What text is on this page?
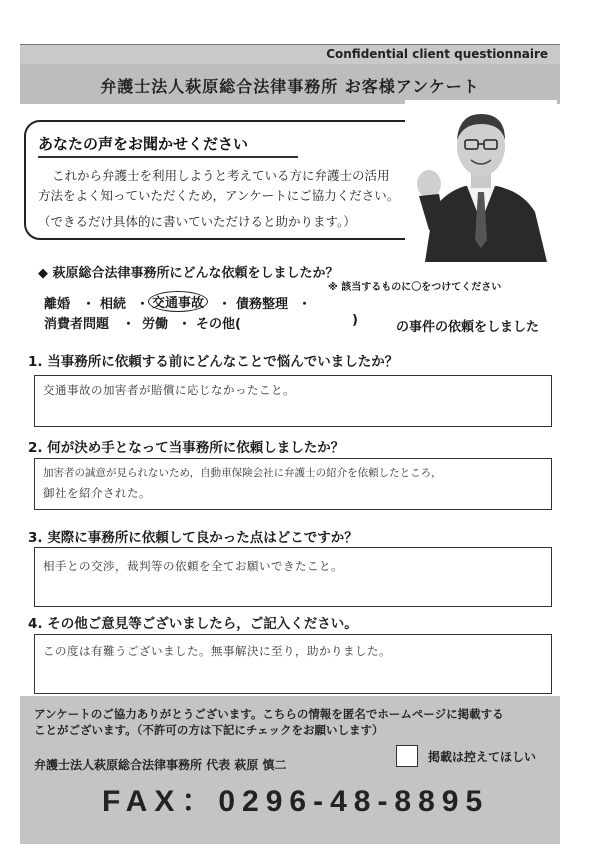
Confidential client questionnaire
弁護士法人萩原総合法律事務所 お客様アンケート
あなたの声をお聞かせください
これから弁護士を利用しようと考えている方に弁護士の活用
方法をよく知っていただくため，アンケートにご協力ください。
（できるだけ具体的に書いていただけると助かります。）
◆ 萩原総合法律事務所にどんな依頼をしましたか？
※ 該当するものに〇をつけてください
離婚 ・ 相続 ・ 交通事故	・ 債務整理 ・
消費者問題 ・ 労働 ・ その他(	)	の事件の依頼をしました
1. 当事務所に依頼する前にどんなことで悩んでいましたか？
交通事故の加害者が賠償に応じなかったこと。
2. 何が決め手となって当事務所に依頼しましたか？
加害者の誠意が見られないため，自動車保険会社に弁護士の紹介を依頼したところ，
御社を紹介された。
3. 実際に事務所に依頼して良かった点はどこですか？
相手との交渉，裁判等の依頼を全てお願いできたこと。
4. その他ご意見等ございましたら，ご記入ください。
この度は有難うございました。無事解決に至り，助かりました。
アンケートのご協力ありがとうございます。こちらの情報を匿名でホームページに掲載する
ことがございます。（不許可の方は下記にチェックをお願いします）
弁護士法人萩原総合法律事務所 代表 萩原 慎二
掲載は控えてほしい
FAX：0296-48-8895
